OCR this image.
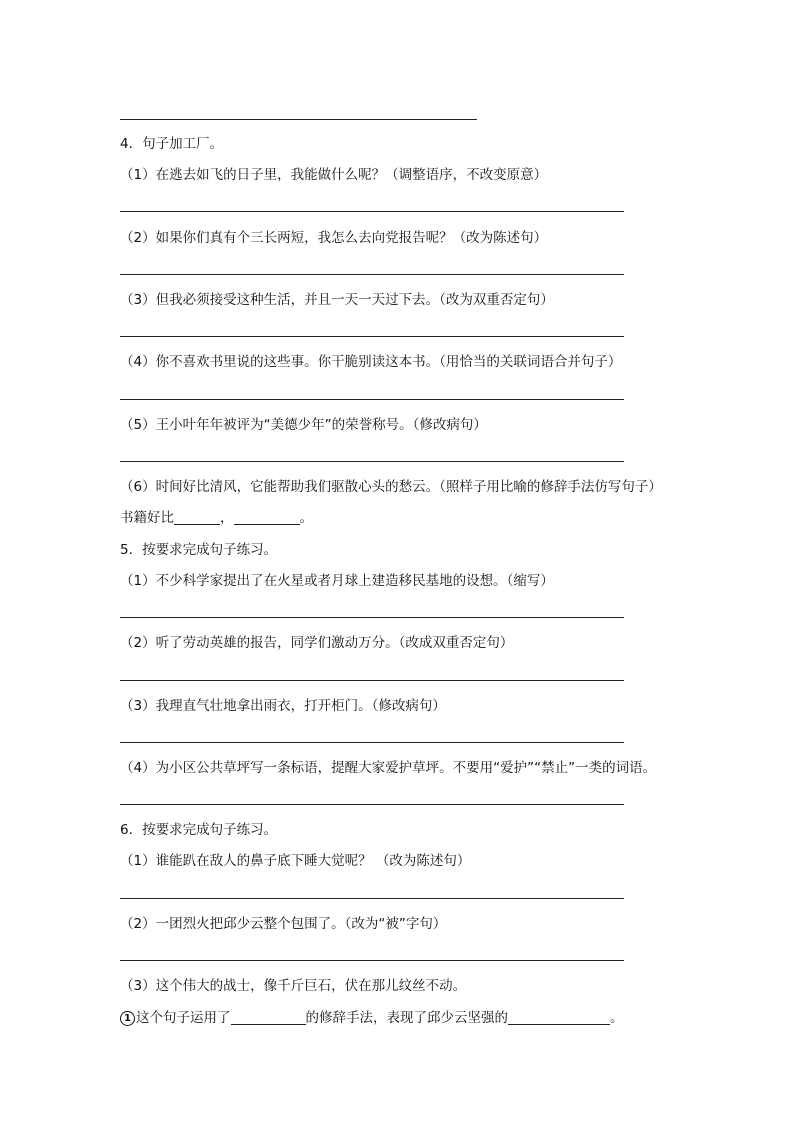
4．句子加工厂。
（1）在逃去如飞的日子里，我能做什么呢？（调整语序，不改变原意）
（2）如果你们真有个三长两短，我怎么去向党报告呢？（改为陈述句）
（3）但我必须接受这种生活，并且一天一天过下去。（改为双重否定句）
（4）你不喜欢书里说的这些事。你干脆别读这本书。（用恰当的关联词语合并句子）
（5）王小叶年年被评为“美德少年”的荣誉称号。（修改病句）
（6）时间好比清风，它能帮助我们驱散心头的愁云。（照样子用比喻的修辞手法仿写句子）
书籍好比	，	。
5．按要求完成句子练习。
（1）不少科学家提出了在火星或者月球上建造移民基地的设想。（缩写）
（2）听了劳动英雄的报告，同学们激动万分。（改成双重否定句）
（3）我理直气壮地拿出雨衣，打开柜门。（修改病句）
（4）为小区公共草坪写一条标语，提醒大家爱护草坪。不要用“爱护”“禁止”一类的词语。
6．按要求完成句子练习。
（1）谁能趴在敌人的鼻子底下睡大觉呢？ （改为陈述句）
（2）一团烈火把邱少云整个包围了。（改为“被”字句）
（3）这个伟大的战士，像千斤巨石，伏在那儿纹丝不动。
1 这个句子运用了	的修辞手法，表现了邱少云坚强的	。
